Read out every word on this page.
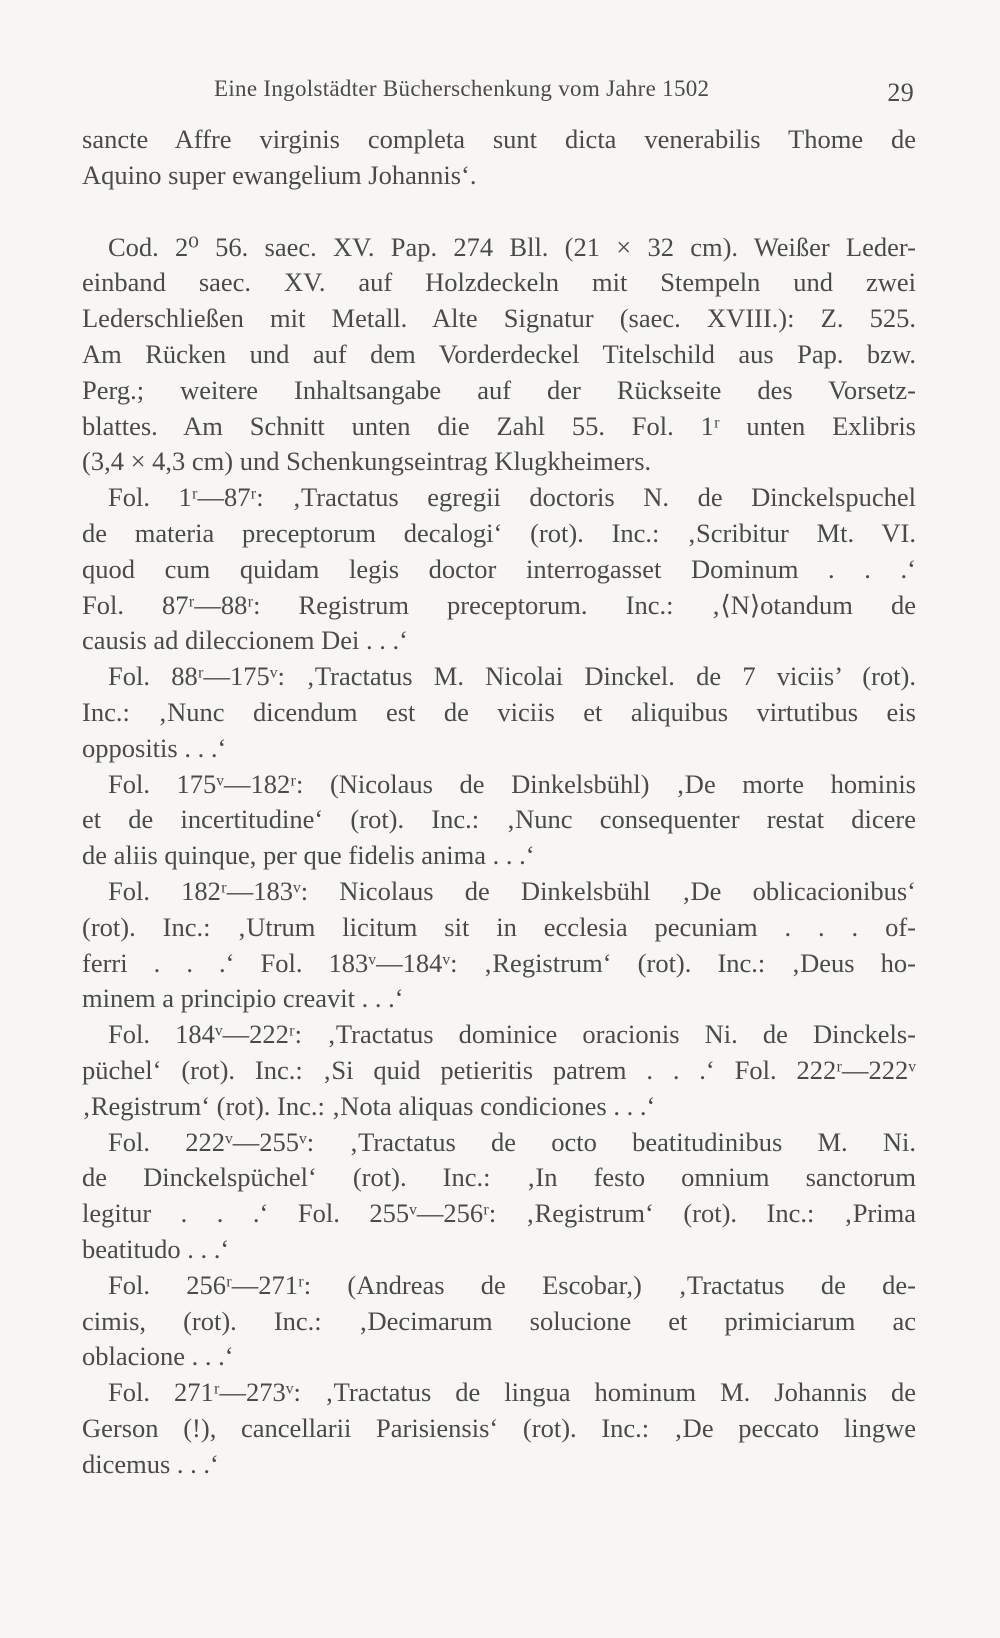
Eine Ingolstädter Bücherschenkung vom Jahre 1502	29
sancte Affre virginis completa sunt dicta venerabilis Thome de
Aquino super ewangelium Johannis‘.
Cod. 2⁰ 56. saec. XV. Pap. 274 Bll. (21 × 32 cm). Weißer Leder-
einband saec. XV. auf Holzdeckeln mit Stempeln und zwei
Lederschließen mit Metall. Alte Signatur (saec. XVIII.): Z. 525.
Am Rücken und auf dem Vorderdeckel Titelschild aus Pap. bzw.
Perg.; weitere Inhaltsangabe auf der Rückseite des Vorsetz-
blattes. Am Schnitt unten die Zahl 55. Fol. 1ʳ unten Exlibris
(3,4 × 4,3 cm) und Schenkungseintrag Klugkheimers.
Fol. 1ʳ—87ʳ: ‚Tractatus egregii doctoris N. de Dinckelspuchel
de materia preceptorum decalogi‘ (rot). Inc.: ‚Scribitur Mt. VI.
quod cum quidam legis doctor interrogasset Dominum . . .‘
Fol. 87ʳ—88ʳ: Registrum preceptorum. Inc.: ‚⟨N⟩otandum de
causis ad dileccionem Dei . . .‘
Fol. 88ʳ—175ᵛ: ‚Tractatus M. Nicolai Dinckel. de 7 viciis’ (rot).
Inc.: ‚Nunc dicendum est de viciis et aliquibus virtutibus eis
oppositis . . .‘
Fol. 175ᵛ—182ʳ: (Nicolaus de Dinkelsbühl) ‚De morte hominis
et de incertitudine‘ (rot). Inc.: ‚Nunc consequenter restat dicere
de aliis quinque, per que fidelis anima . . .‘
Fol. 182ʳ—183ᵛ: Nicolaus de Dinkelsbühl ‚De oblicacionibus‘
(rot). Inc.: ‚Utrum licitum sit in ecclesia pecuniam . . . of-
ferri . . .‘ Fol. 183ᵛ—184ᵛ: ‚Registrum‘ (rot). Inc.: ‚Deus ho-
minem a principio creavit . . .‘
Fol. 184ᵛ—222ʳ: ‚Tractatus dominice oracionis Ni. de Dinckels-
püchel‘ (rot). Inc.: ‚Si quid petieritis patrem . . .‘ Fol. 222ʳ—222ᵛ
‚Registrum‘ (rot). Inc.: ‚Nota aliquas condiciones . . .‘
Fol. 222ᵛ—255ᵛ: ‚Tractatus de octo beatitudinibus M. Ni.
de Dinckelspüchel‘ (rot). Inc.: ‚In festo omnium sanctorum
legitur . . .‘ Fol. 255ᵛ—256ʳ: ‚Registrum‘ (rot). Inc.: ‚Prima
beatitudo . . .‘
Fol. 256ʳ—271ʳ: (Andreas de Escobar,) ‚Tractatus de de-
cimis, (rot). Inc.: ‚Decimarum solucione et primiciarum ac
oblacione . . .‘
Fol. 271ʳ—273ᵛ: ‚Tractatus de lingua hominum M. Johannis de
Gerson (!), cancellarii Parisiensis‘ (rot). Inc.: ‚De peccato lingwe
dicemus . . .‘
